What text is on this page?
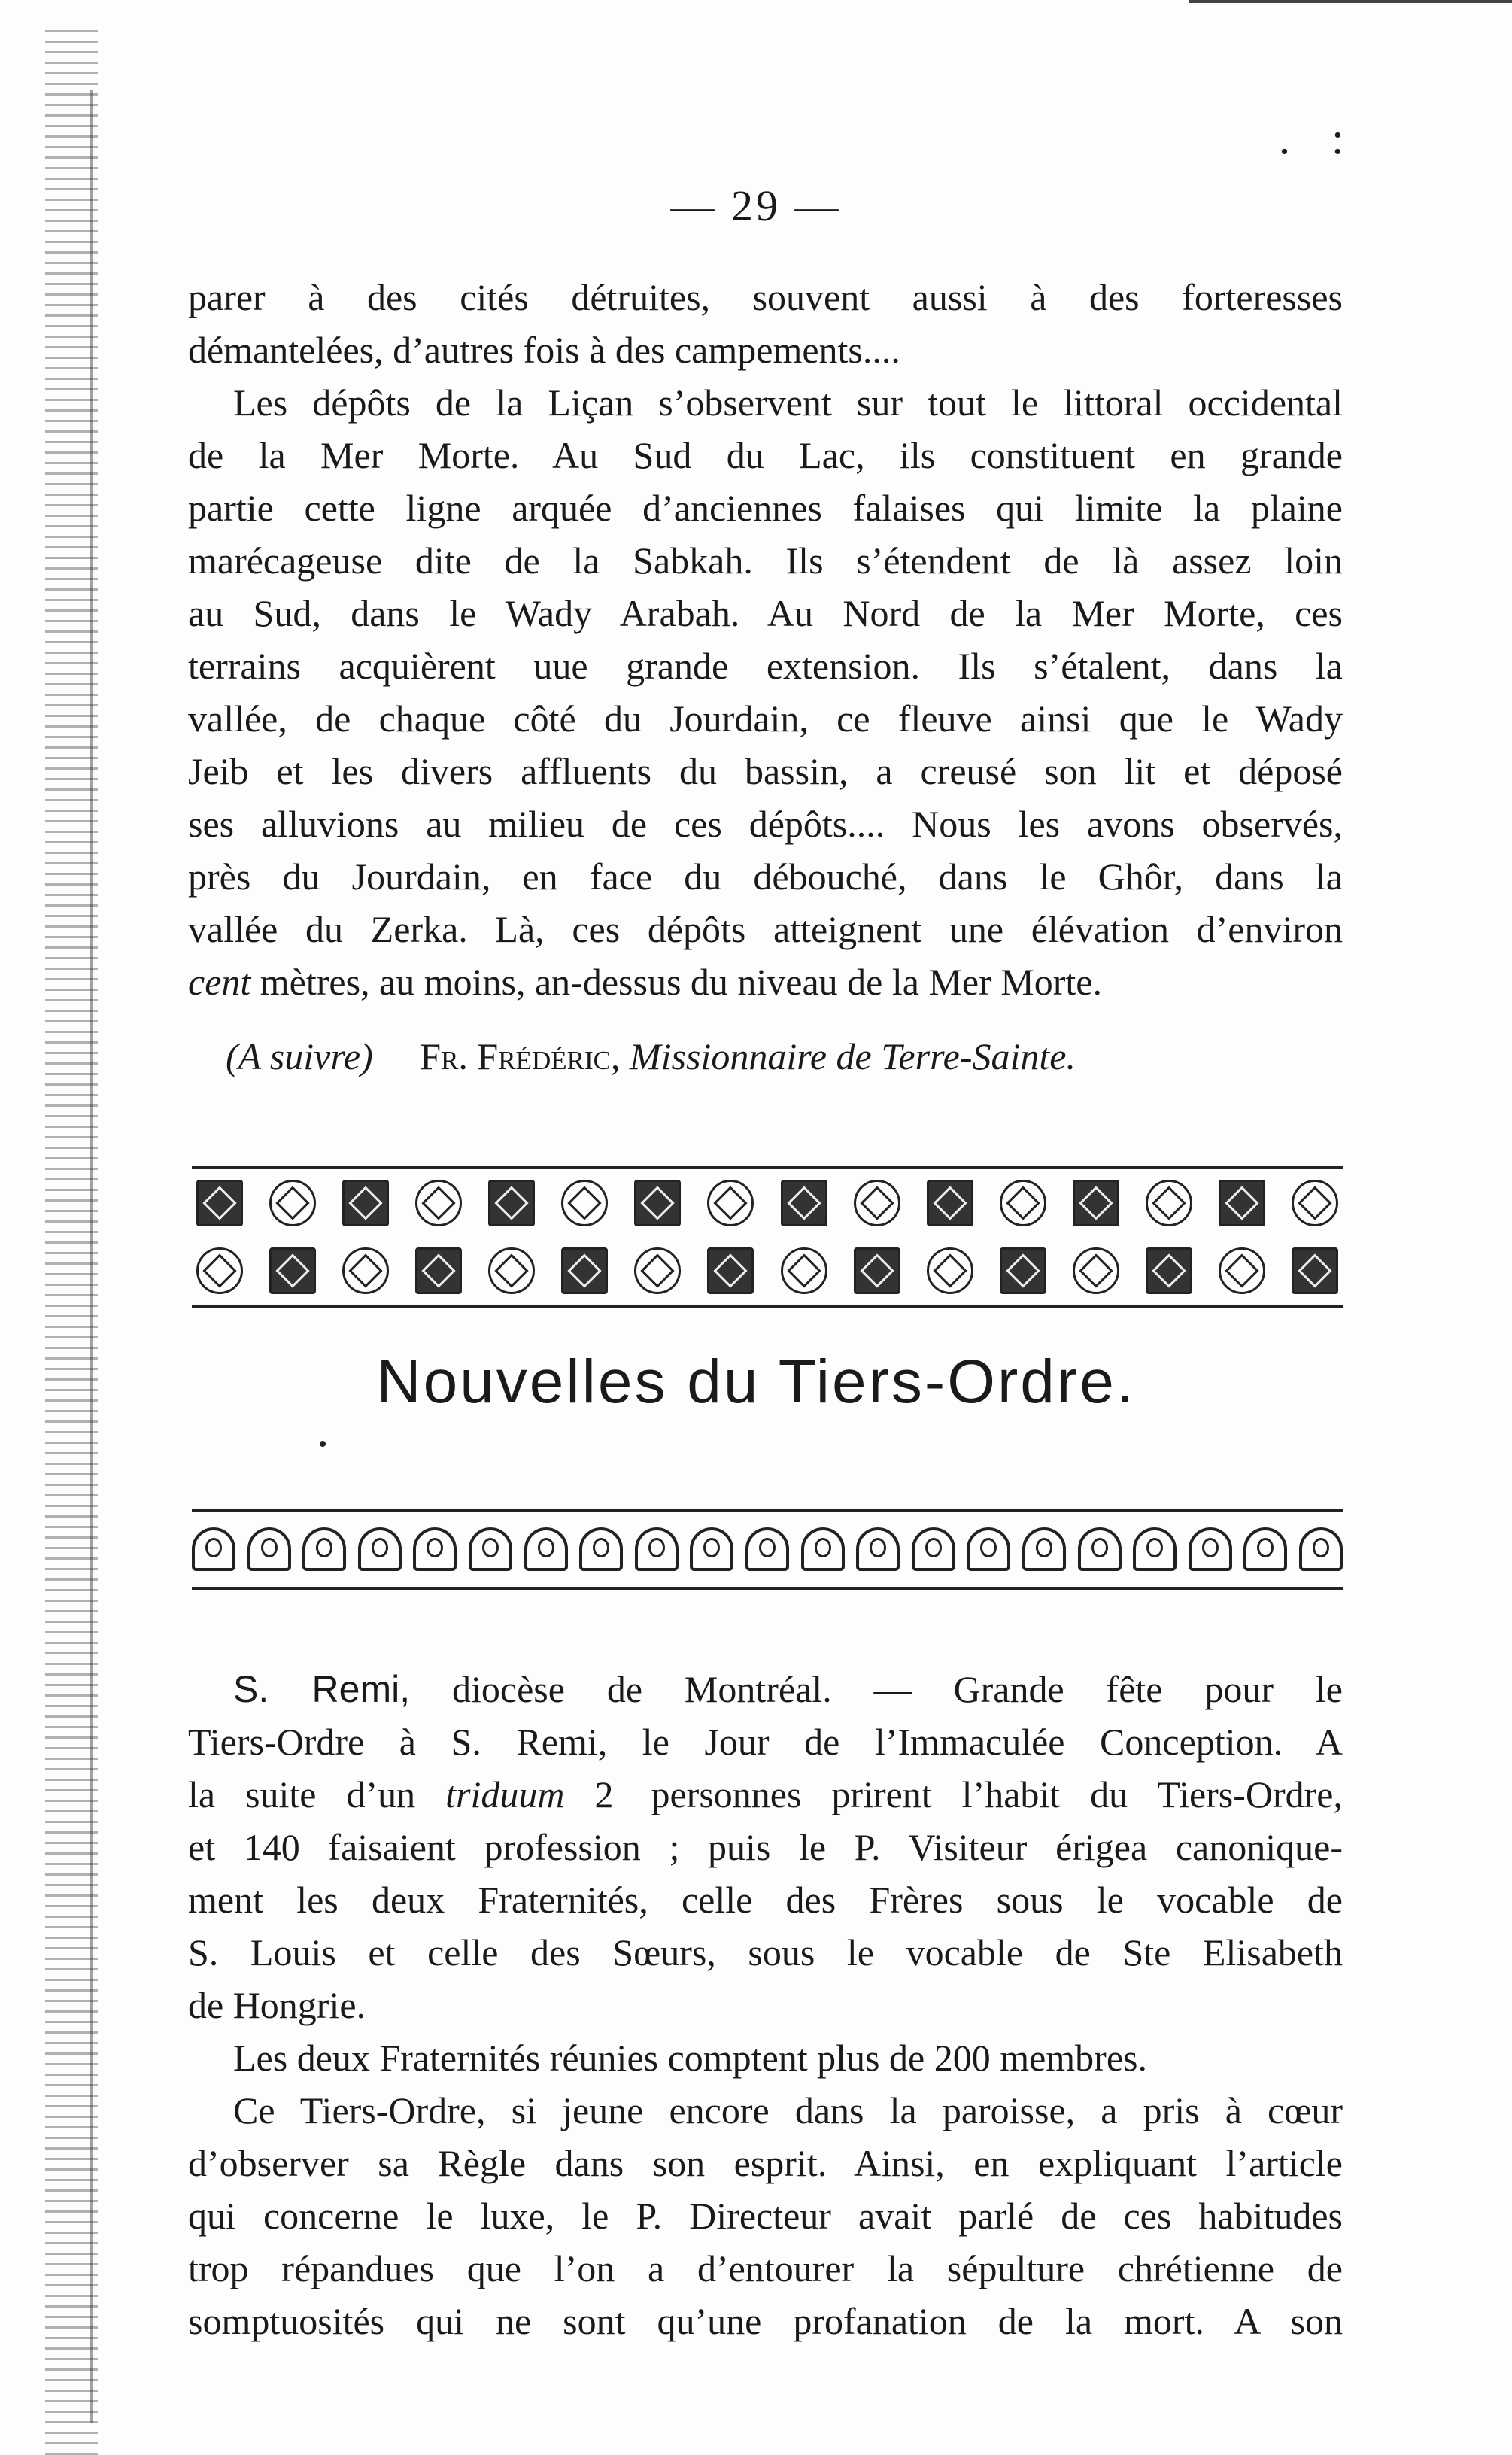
. :
— 29 —
parer à des cités détruites, souvent aussi à des forteresses
démantelées, d’autres fois à des campements....
Les dépôts de la Liçan s’observent sur tout le littoral occidental
de la Mer Morte. Au Sud du Lac, ils constituent en grande
partie cette ligne arquée d’anciennes falaises qui limite la plaine
marécageuse dite de la Sabkah. Ils s’étendent de là assez loin
au Sud, dans le Wady Arabah. Au Nord de la Mer Morte, ces
terrains acquièrent uue grande extension. Ils s’étalent, dans la
vallée, de chaque côté du Jourdain, ce fleuve ainsi que le Wady
Jeib et les divers affluents du bassin, a creusé son lit et déposé
ses alluvions au milieu de ces dépôts.... Nous les avons observés,
près du Jourdain, en face du débouché, dans le Ghôr, dans la
vallée du Zerka. Là, ces dépôts atteignent une élévation d’environ
cent mètres, au moins, an-dessus du niveau de la Mer Morte.
(A suivre) Fr. Frédéric, Missionnaire de Terre-Sainte.
Nouvelles du Tiers-Ordre.
S. Remi, diocèse de Montréal. — Grande fête pour le
Tiers-Ordre à S. Remi, le Jour de l’Immaculée Conception. A
la suite d’un triduum 2  personnes prirent l’habit du Tiers-Ordre,
et 140 faisaient profession ; puis le P. Visiteur érigea canonique-
ment les deux Fraternités, celle des Frères sous le vocable de
S. Louis et celle des Sœurs, sous le vocable de Ste Elisabeth
de Hongrie.
Les deux Fraternités réunies comptent plus de 200 membres.
Ce Tiers-Ordre, si jeune encore dans la paroisse, a pris à cœur
d’observer sa Règle dans son esprit. Ainsi, en expliquant l’article
qui concerne le luxe, le P. Directeur avait parlé de ces habitudes
trop répandues que l’on a d’entourer la sépulture chrétienne de
somptuosités qui ne sont qu’une profanation de la mort. A son
